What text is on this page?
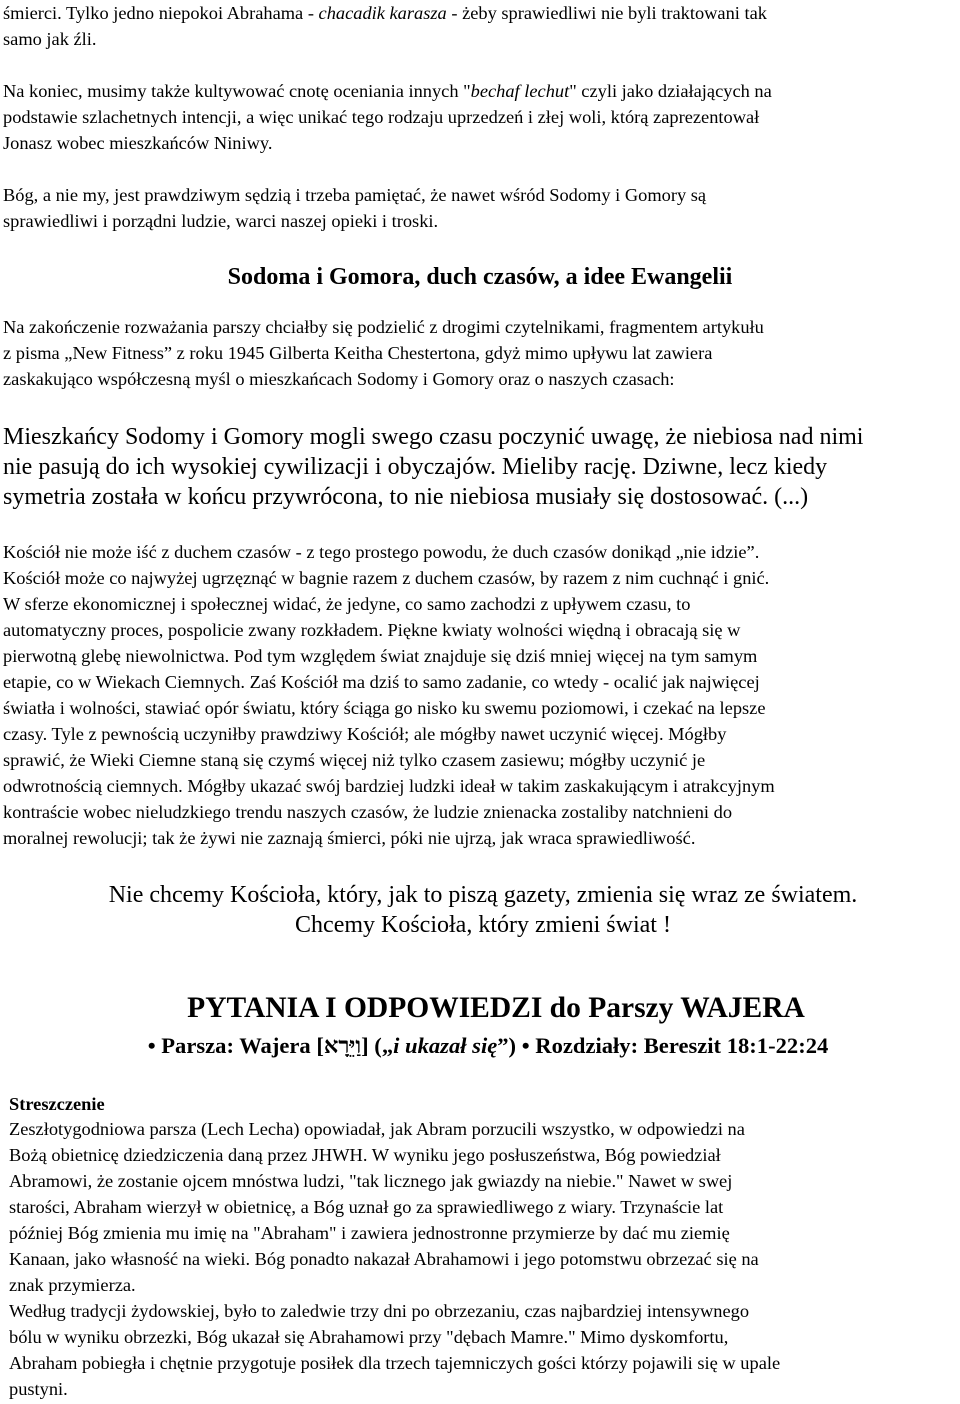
śmierci. Tylko jedno niepokoi Abrahama - chacadik karasza - żeby sprawiedliwi nie byli traktowani tak
samo jak źli.
Na koniec, musimy także kultywować cnotę oceniania innych "bechaf lechut" czyli jako działających na
podstawie szlachetnych intencji, a więc unikać tego rodzaju uprzedzeń i złej woli, którą zaprezentował
Jonasz wobec mieszkańców Niniwy.
Bóg, a nie my, jest prawdziwym sędzią i trzeba pamiętać, że nawet wśród Sodomy i Gomory są
sprawiedliwi i porządni ludzie, warci naszej opieki i troski.
Sodoma i Gomora, duch czasów, a idee Ewangelii
Na zakończenie rozważania parszy chciałby się podzielić z drogimi czytelnikami, fragmentem artykułu
z pisma „New Fitness” z roku 1945 Gilberta Keitha Chestertona, gdyż mimo upływu lat zawiera
zaskakująco współczesną myśl o mieszkańcach Sodomy i Gomory oraz o naszych czasach:
Mieszkańcy Sodomy i Gomory mogli swego czasu poczynić uwagę, że niebiosa nad nimi
nie pasują do ich wysokiej cywilizacji i obyczajów. Mieliby rację. Dziwne, lecz kiedy
symetria została w końcu przywrócona, to nie niebiosa musiały się dostosować. (...)
Kościół nie może iść z duchem czasów - z tego prostego powodu, że duch czasów donikąd „nie idzie”.
Kościół może co najwyżej ugrzęznąć w bagnie razem z duchem czasów, by razem z nim cuchnąć i gnić.
W sferze ekonomicznej i społecznej widać, że jedyne, co samo zachodzi z upływem czasu, to
automatyczny proces, pospolicie zwany rozkładem. Piękne kwiaty wolności więdną i obracają się w
pierwotną glebę niewolnictwa. Pod tym względem świat znajduje się dziś mniej więcej na tym samym
etapie, co w Wiekach Ciemnych. Zaś Kościół ma dziś to samo zadanie, co wtedy - ocalić jak najwięcej
światła i wolności, stawiać opór światu, który ściąga go nisko ku swemu poziomowi, i czekać na lepsze
czasy. Tyle z pewnością uczyniłby prawdziwy Kościół; ale mógłby nawet uczynić więcej. Mógłby
sprawić, że Wieki Ciemne staną się czymś więcej niż tylko czasem zasiewu; mógłby uczynić je
odwrotnością ciemnych. Mógłby ukazać swój bardziej ludzki ideał w takim zaskakującym i atrakcyjnym
kontraście wobec nieludzkiego trendu naszych czasów, że ludzie znienacka zostaliby natchnieni do
moralnej rewolucji; tak że żywi nie zaznają śmierci, póki nie ujrzą, jak wraca sprawiedliwość.
Nie chcemy Kościoła, który, jak to piszą gazety, zmienia się wraz ze światem.
Chcemy Kościoła, który zmieni świat !
PYTANIA I ODPOWIEDZI do Parszy WAJERA
• Parsza: Wajera [וַיֵּרָא] („i ukazał się”) • Rozdziały: Bereszit 18:1-22:24
Streszczenie
Zeszłotygodniowa parsza (Lech Lecha) opowiadał, jak Abram porzucili wszystko, w odpowiedzi na
Bożą obietnicę dziedziczenia daną przez JHWH. W wyniku jego posłuszeństwa, Bóg powiedział
Abramowi, że zostanie ojcem mnóstwa ludzi, "tak licznego jak gwiazdy na niebie." Nawet w swej
starości, Abraham wierzył w obietnicę, a Bóg uznał go za sprawiedliwego z wiary. Trzynaście lat
później Bóg zmienia mu imię na "Abraham" i zawiera jednostronne przymierze by dać mu ziemię
Kanaan, jako własność na wieki. Bóg ponadto nakazał Abrahamowi i jego potomstwu obrzezać się na
znak przymierza.
Według tradycji żydowskiej, było to zaledwie trzy dni po obrzezaniu, czas najbardziej intensywnego
bólu w wyniku obrzezki, Bóg ukazał się Abrahamowi przy "dębach Mamre." Mimo dyskomfortu,
Abraham pobiegła i chętnie przygotuje posiłek dla trzech tajemniczych gości którzy pojawili się w upale
pustyni.
